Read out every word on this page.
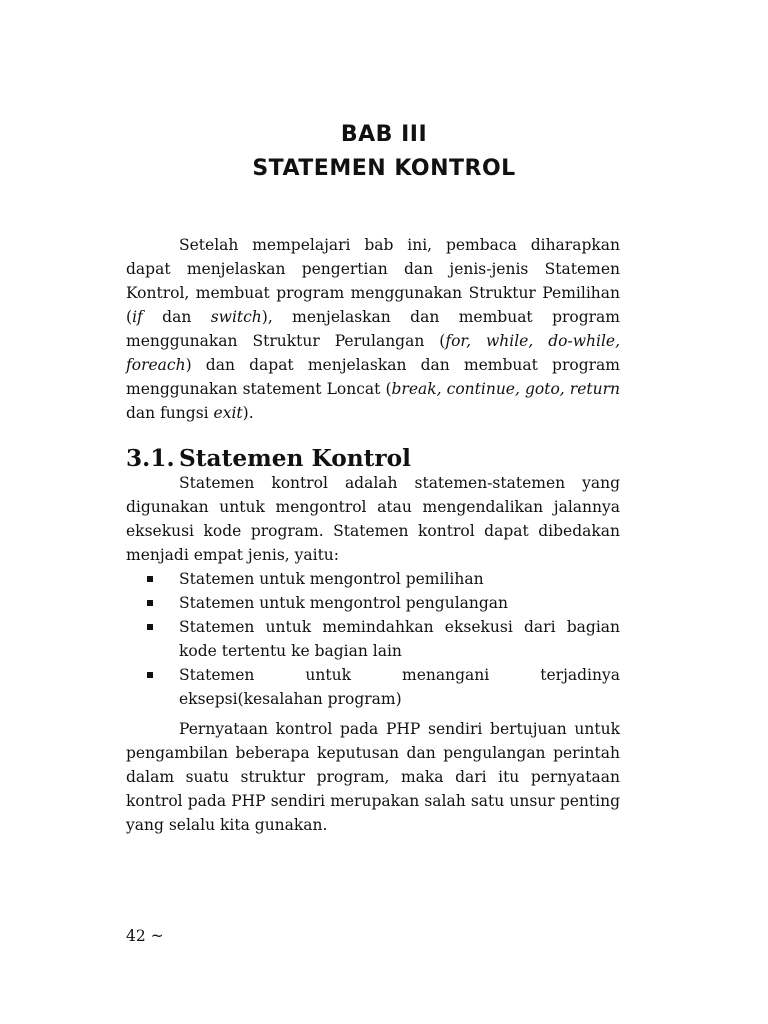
BAB III
STATEMEN KONTROL

Setelah mempelajari bab ini, pembaca diharapkan dapat menjelaskan pengertian dan jenis-jenis Statemen Kontrol, membuat program menggunakan Struktur Pemilihan (if dan switch), menjelaskan dan membuat program menggunakan Struktur Perulangan (for, while, do-while, foreach) dan dapat menjelaskan dan membuat program menggunakan statement Loncat (break, continue, goto, return dan fungsi exit).

3.1. Statemen Kontrol

Statemen kontrol adalah statemen-statemen yang digunakan untuk mengontrol atau mengendalikan jalannya eksekusi kode program. Statemen kontrol dapat dibedakan menjadi empat jenis, yaitu:

Statemen untuk mengontrol pemilihan
Statemen untuk mengontrol pengulangan
Statemen untuk memindahkan eksekusi dari bagian kode tertentu ke bagian lain
Statemen untuk menangani terjadinya eksepsi(kesalahan program)

Pernyataan kontrol pada PHP sendiri bertujuan untuk pengambilan beberapa keputusan dan pengulangan perintah dalam suatu struktur program, maka dari itu pernyataan kontrol pada PHP sendiri merupakan salah satu unsur penting yang selalu kita gunakan.

42 ~
